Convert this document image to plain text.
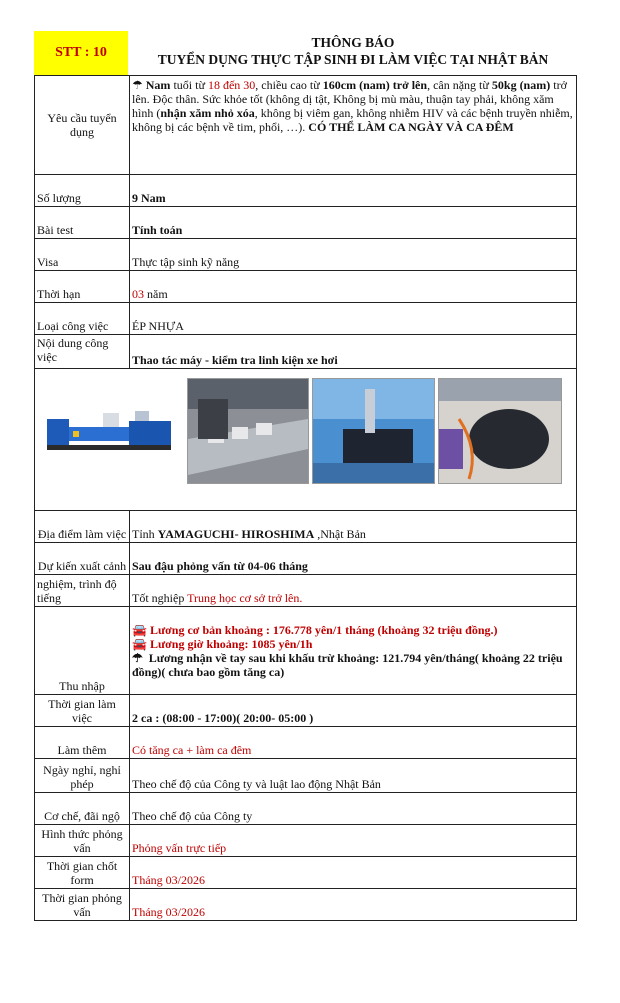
STT : 10
THÔNG BÁO
TUYỂN DỤNG THỰC TẬP SINH ĐI LÀM VIỆC TẠI NHẬT BẢN
Yêu cầu tuyển dụng	☂ Nam tuổi từ 18 đến 30, chiều cao từ 160cm (nam) trở lên, cân nặng từ 50kg (nam) trở lên. Độc thân. Sức khỏe tốt (không dị tật, Không bị mù màu, thuận tay phải, không xăm hình (nhận xăm nhỏ xóa, không bị viêm gan, không nhiễm HIV và các bệnh truyền nhiễm, không bị các bệnh về tim, phổi, …). CÓ THỂ LÀM CA NGÀY VÀ CA ĐÊM
Số lượng	9 Nam
Bài test	Tính toán
Visa	Thực tập sinh kỹ năng
Thời hạn	03 năm
Loại công việc	ÉP NHỰA
Nội dung công việc	Thao tác máy - kiểm tra linh kiện xe hơi

Địa điểm làm việc	Tỉnh YAMAGUCHI- HIROSHIMA ,Nhật Bản
Dự kiến xuất cảnh	Sau đậu phỏng vấn từ 04-06 tháng
nghiệm, trình độ tiếng	Tốt nghiệp Trung học cơ sở trở lên.
Thu nhập	🚘 Lương cơ bản khoảng : 176.778 yên/1 tháng (khoảng 32 triệu đồng.)
🚘 Lương giờ khoảng: 1085 yên/1h
☂ Lương nhận về tay sau khi khấu trừ khoảng: 121.794 yên/tháng( khoảng 22 triệu đồng)( chưa bao gồm tăng ca)

Thời gian làm việc	2 ca : (08:00 - 17:00)( 20:00- 05:00 )
Làm thêm	Có tăng ca + làm ca đêm
Ngày nghỉ, nghỉ phép	Theo chế độ của Công ty và luật lao động Nhật Bản
Cơ chế, đãi ngộ	Theo chế độ của Công ty
Hình thức phỏng vấn	Phỏng vấn trực tiếp
Thời gian chốt form	Tháng 03/2026
Thời gian phỏng vấn	Tháng 03/2026
